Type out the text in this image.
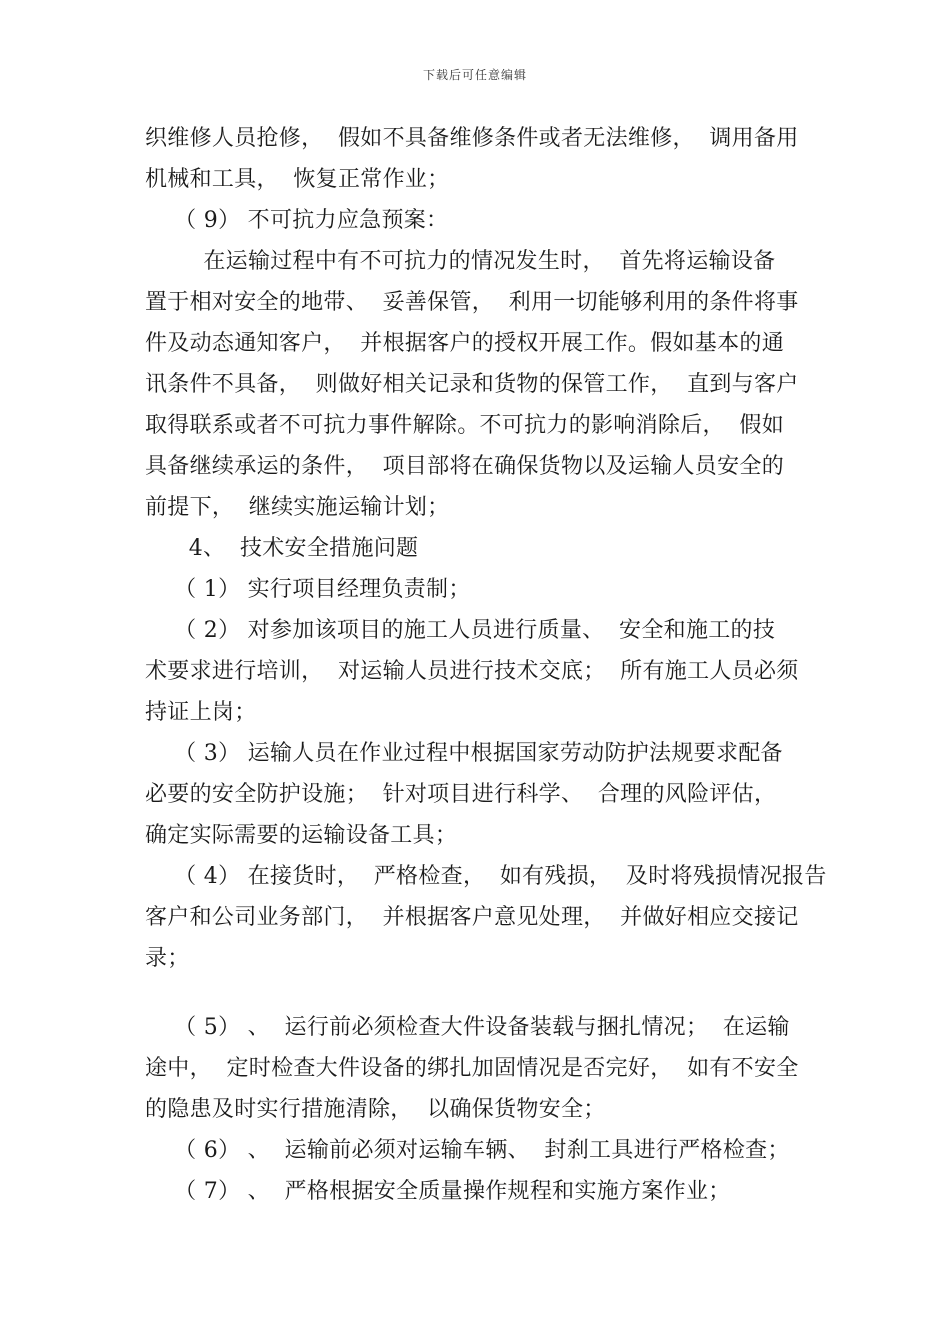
下载后可任意编辑
织维修人员抢修，  假如不具备维修条件或者无法维修，  调用备用
机械和工具，  恢复正常作业；
（ 9） 不可抗力应急预案：
在运输过程中有不可抗力的情况发生时，  首先将运输设备
置于相对安全的地带、  妥善保管，  利用一切能够利用的条件将事
件及动态通知客户，  并根据客户的授权开展工作。假如基本的通
讯条件不具备，  则做好相关记录和货物的保管工作，  直到与客户
取得联系或者不可抗力事件解除。不可抗力的影响消除后，  假如
具备继续承运的条件，  项目部将在确保货物以及运输人员安全的
前提下，  继续实施运输计划；
4、  技术安全措施问题
（ 1） 实行项目经理负责制；
（ 2） 对参加该项目的施工人员进行质量、  安全和施工的技
术要求进行培训，  对运输人员进行技术交底；  所有施工人员必须
持证上岗；
（ 3） 运输人员在作业过程中根据国家劳动防护法规要求配备
必要的安全防护设施；  针对项目进行科学、  合理的风险评估，
确定实际需要的运输设备工具；
（ 4） 在接货时，  严格检查，  如有残损，  及时将残损情况报告
客户和公司业务部门，  并根据客户意见处理，  并做好相应交接记
录；
（ 5） 、  运行前必须检查大件设备装载与捆扎情况；  在运输
途中，  定时检查大件设备的绑扎加固情况是否完好，  如有不安全
的隐患及时实行措施清除，  以确保货物安全；
（ 6） 、  运输前必须对运输车辆、  封刹工具进行严格检查；
（ 7） 、  严格根据安全质量操作规程和实施方案作业；
